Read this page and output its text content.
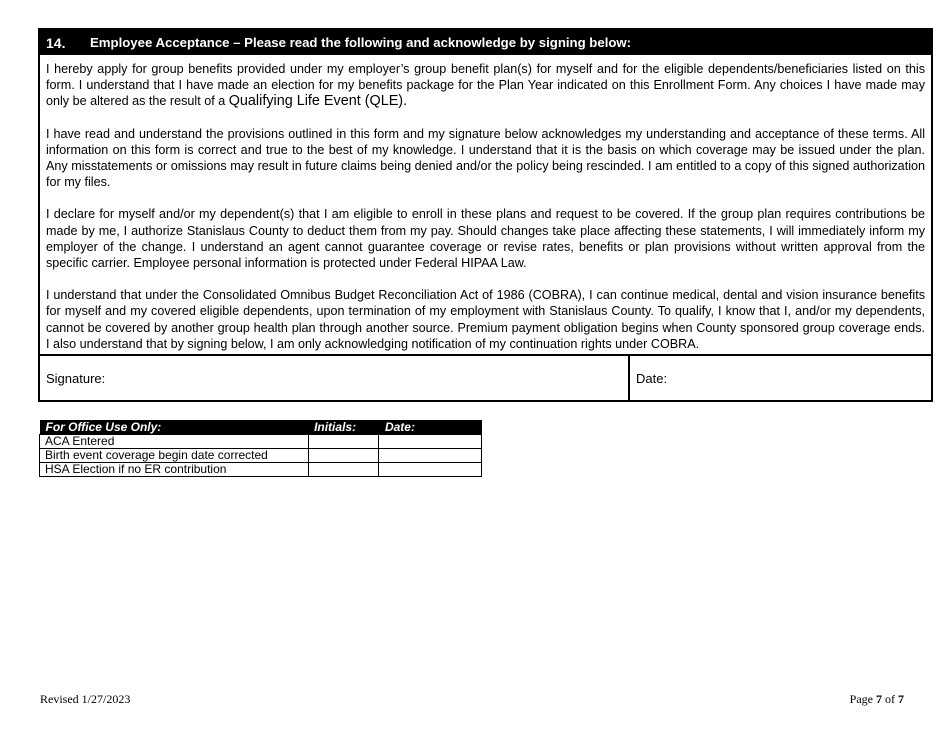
14.	Employee Acceptance – Please read the following and acknowledge by signing below:

I hereby apply for group benefits provided under my employer’s group benefit plan(s) for myself and for the eligible dependents/beneficiaries listed on this form. I understand that I have made an election for my benefits package for the Plan Year indicated on this Enrollment Form. Any choices I have made may only be altered as the result of a Qualifying Life Event (QLE).

I have read and understand the provisions outlined in this form and my signature below acknowledges my understanding and acceptance of these terms. All information on this form is correct and true to the best of my knowledge. I understand that it is the basis on which coverage may be issued under the plan. Any misstatements or omissions may result in future claims being denied and/or the policy being rescinded. I am entitled to a copy of this signed authorization for my files.

I declare for myself and/or my dependent(s) that I am eligible to enroll in these plans and request to be covered. If the group plan requires contributions be made by me, I authorize Stanislaus County to deduct them from my pay. Should changes take place affecting these statements, I will immediately inform my employer of the change. I understand an agent cannot guarantee coverage or revise rates, benefits or plan provisions without written approval from the specific carrier. Employee personal information is protected under Federal HIPAA Law.

I understand that under the Consolidated Omnibus Budget Reconciliation Act of 1986 (COBRA), I can continue medical, dental and vision insurance benefits for myself and my covered eligible dependents, upon termination of my employment with Stanislaus County. To qualify, I know that I, and/or my dependents, cannot be covered by another group health plan through another source. Premium payment obligation begins when County sponsored group coverage ends. I also understand that by signing below, I am only acknowledging notification of my continuation rights under COBRA.

Signature:	Date:
For Office Use Only:	Initials:	Date:
ACA Entered		
Birth event coverage begin date corrected		
HSA Election if no ER contribution		
Revised 1/27/2023	Page 7 of 7
